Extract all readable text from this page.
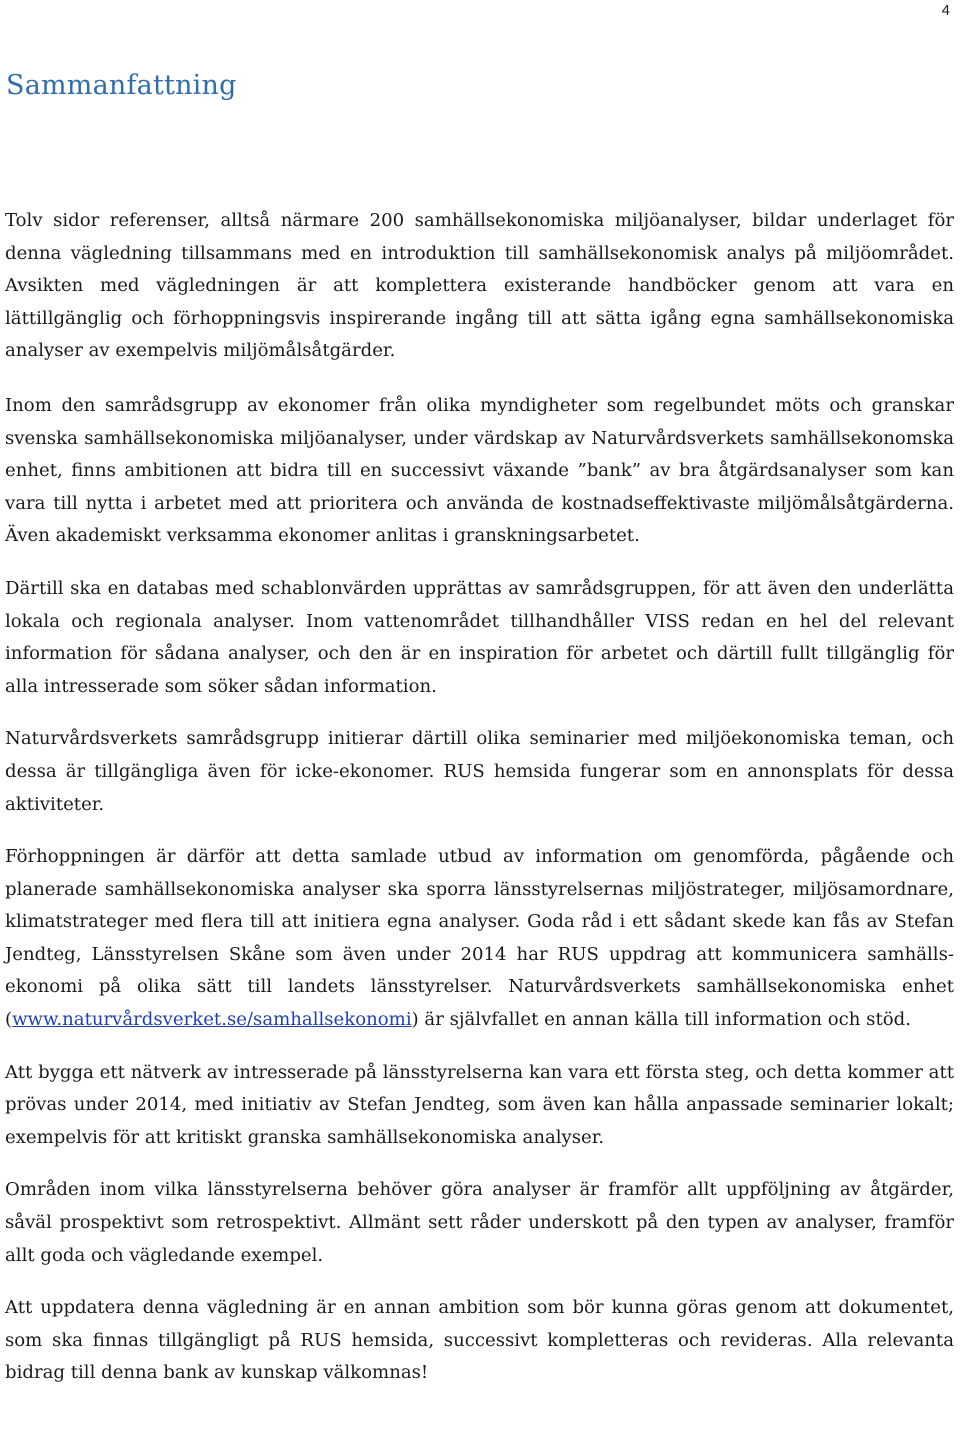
4
Sammanfattning

Tolv sidor referenser, alltså närmare 200 samhällsekonomiska miljöanalyser, bildar underlaget för denna vägledning tillsammans med en introduktion till samhällsekonomisk analys på miljöområdet. Avsikten med vägledningen är att komplettera existerande handböcker genom att vara en lättillgänglig och förhoppningsvis inspirerande ingång till att sätta igång egna samhällsekonomiska analyser av exempelvis miljömålsåtgärder.

Inom den samrådsgrupp av ekonomer från olika myndigheter som regelbundet möts och granskar svenska samhällsekonomiska miljöanalyser, under värdskap av Naturvårdsverkets samhällsekonomska enhet, finns ambitionen att bidra till en successivt växande ”bank” av bra åtgärdsanalyser som kan vara till nytta i arbetet med att prioritera och använda de kostnadseffektivaste miljömålsåtgärderna. Även akademiskt verksamma ekonomer anlitas i granskningsarbetet.

Därtill ska en databas med schablonvärden upprättas av samrådsgruppen, för att även den underlätta lokala och regionala analyser. Inom vattenområdet tillhandhåller VISS redan en hel del relevant information för sådana analyser, och den är en inspiration för arbetet och därtill fullt tillgänglig för alla intresserade som söker sådan information.

Naturvårdsverkets samrådsgrupp initierar därtill olika seminarier med miljöekonomiska teman, och dessa är tillgängliga även för icke-ekonomer. RUS hemsida fungerar som en annonsplats för dessa aktiviteter.

Förhoppningen är därför att detta samlade utbud av information om genomförda, pågående och planerade samhällsekonomiska analyser ska sporra länsstyrelsernas miljöstrateger, miljösamordnare, klimatstrateger med flera till att initiera egna analyser. Goda råd i ett sådant skede kan fås av Stefan Jendteg, Länsstyrelsen Skåne som även under 2014 har RUS uppdrag att kommunicera samhälls-ekonomi på olika sätt till landets länsstyrelser. Naturvårdsverkets samhällsekonomiska enhet (www.naturvårdsverket.se/samhallsekonomi) är självfallet en annan källa till information och stöd.

Att bygga ett nätverk av intresserade på länsstyrelserna kan vara ett första steg, och detta kommer att prövas under 2014, med initiativ av Stefan Jendteg, som även kan hålla anpassade seminarier lokalt; exempelvis för att kritiskt granska samhällsekonomiska analyser.

Områden inom vilka länsstyrelserna behöver göra analyser är framför allt uppföljning av åtgärder, såväl prospektivt som retrospektivt. Allmänt sett råder underskott på den typen av analyser, framför allt goda och vägledande exempel.

Att uppdatera denna vägledning är en annan ambition som bör kunna göras genom att dokumentet, som ska finnas tillgängligt på RUS hemsida, successivt kompletteras och revideras. Alla relevanta bidrag till denna bank av kunskap välkomnas!
